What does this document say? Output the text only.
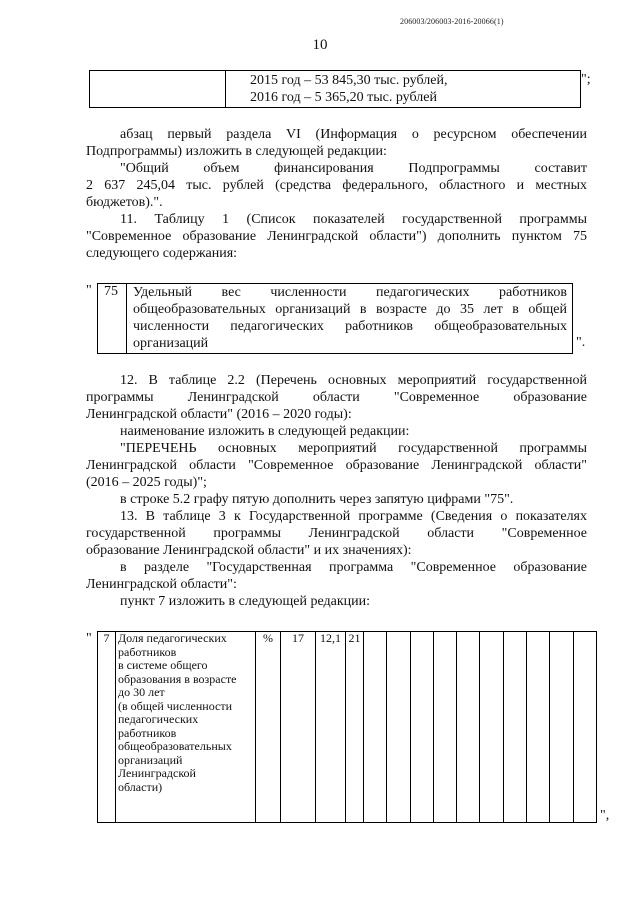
206003/206003-2016-20066(1)
10
2015 год – 53 845,30 тыс. рублей,
2016 год – 5 365,20 тыс. рублей
";
абзац первый раздела VI (Информация о ресурсном обеспечении
Подпрограммы) изложить в следующей редакции:
"Общий объем финансирования Подпрограммы составит
2 637 245,04 тыс. рублей (средства федерального, областного и местных
бюджетов).".
11. Таблицу 1 (Список показателей государственной программы
"Современное образование Ленинградской области") дополнить пунктом 75
следующего содержания:
" 75 Удельный вес численности педагогических работников общеобразовательных организаций в возрасте до 35 лет в общей численности педагогических работников общеобразовательных организаций	".
12. В таблице 2.2 (Перечень основных мероприятий государственной
программы Ленинградской области "Современное образование
Ленинградской области" (2016 – 2020 годы):
наименование изложить в следующей редакции:
"ПЕРЕЧЕНЬ основных мероприятий государственной программы
Ленинградской области "Современное образование Ленинградской области"
(2016 – 2025 годы)";
в строке 5.2 графу пятую дополнить через запятую цифрами "75".
13. В таблице 3 к Государственной программе (Сведения о показателях
государственной программы Ленинградской области "Современное
образование Ленинградской области" и их значениях):
в разделе "Государственная программа "Современное образование
Ленинградской области":
пункт 7 изложить в следующей редакции:
" 7	Доля педагогических
работников
в системе общего
образования в возрасте
до 30 лет
(в общей численности
педагогических
работников
общеобразовательных
организаций
Ленинградской
области)
	%	17	12,1	21										
",
